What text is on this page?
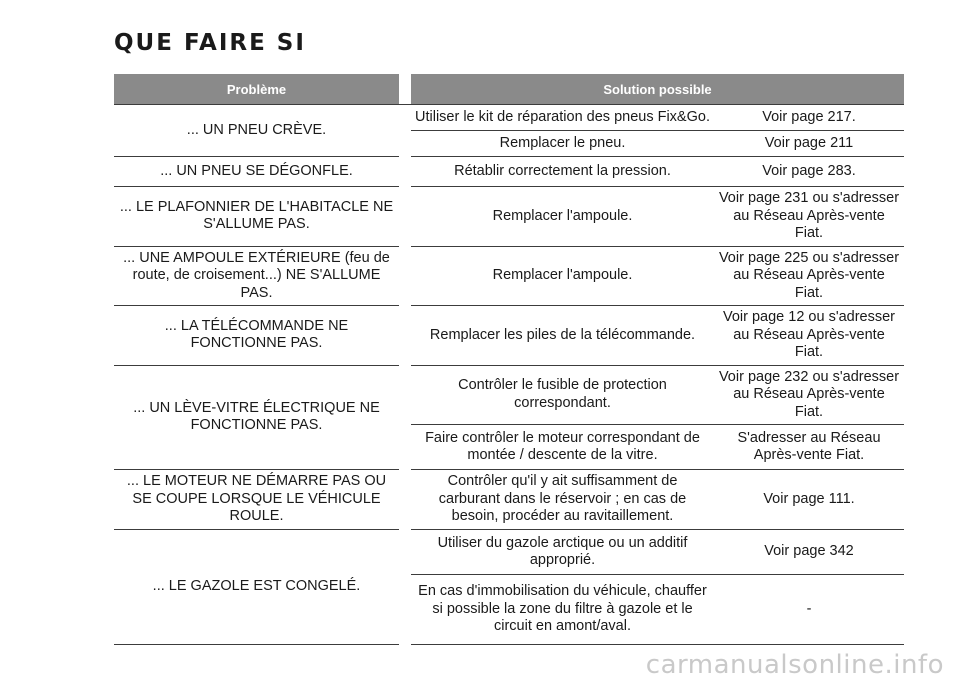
QUE FAIRE SI
Problème		Solution possible	

... UN PNEU CRÈVE.		Utiliser le kit de réparation des pneus Fix&Go.	Voir page 217.
		Remplacer le pneu.	Voir page 211
... UN PNEU SE DÉGONFLE.		Rétablir correctement la pression.	Voir page 283.
... LE PLAFONNIER DE L'HABITACLE NE S'ALLUME PAS.		Remplacer l'ampoule.	Voir page 231 ou s'adresser au Réseau Après-vente Fiat.
... UNE AMPOULE EXTÉRIEURE (feu de route, de croisement...) NE S'ALLUME PAS.		Remplacer l'ampoule.	Voir page 225 ou s'adresser au Réseau Après-vente Fiat.
... LA TÉLÉCOMMANDE NE FONCTIONNE PAS.		Remplacer les piles de la télécommande.	Voir page 12 ou s'adresser au Réseau Après-vente Fiat.
... UN LÈVE-VITRE ÉLECTRIQUE NE FONCTIONNE PAS.		Contrôler le fusible de protection correspondant.	Voir page 232 ou s'adresser au Réseau Après-vente Fiat.
		Faire contrôler le moteur correspondant de montée / descente de la vitre.	S'adresser au Réseau Après-vente Fiat.
... LE MOTEUR NE DÉMARRE PAS OU SE COUPE LORSQUE LE VÉHICULE ROULE.		Contrôler qu'il y ait suffisamment de carburant dans le réservoir ; en cas de besoin, procéder au ravitaillement.	Voir page 111.
... LE GAZOLE EST CONGELÉ.		Utiliser du gazole arctique ou un additif approprié.	Voir page 342
		En cas d'immobilisation du véhicule, chauffer si possible la zone du filtre à gazole et le circuit en amont/aval.	-
carmanualsonline.info
